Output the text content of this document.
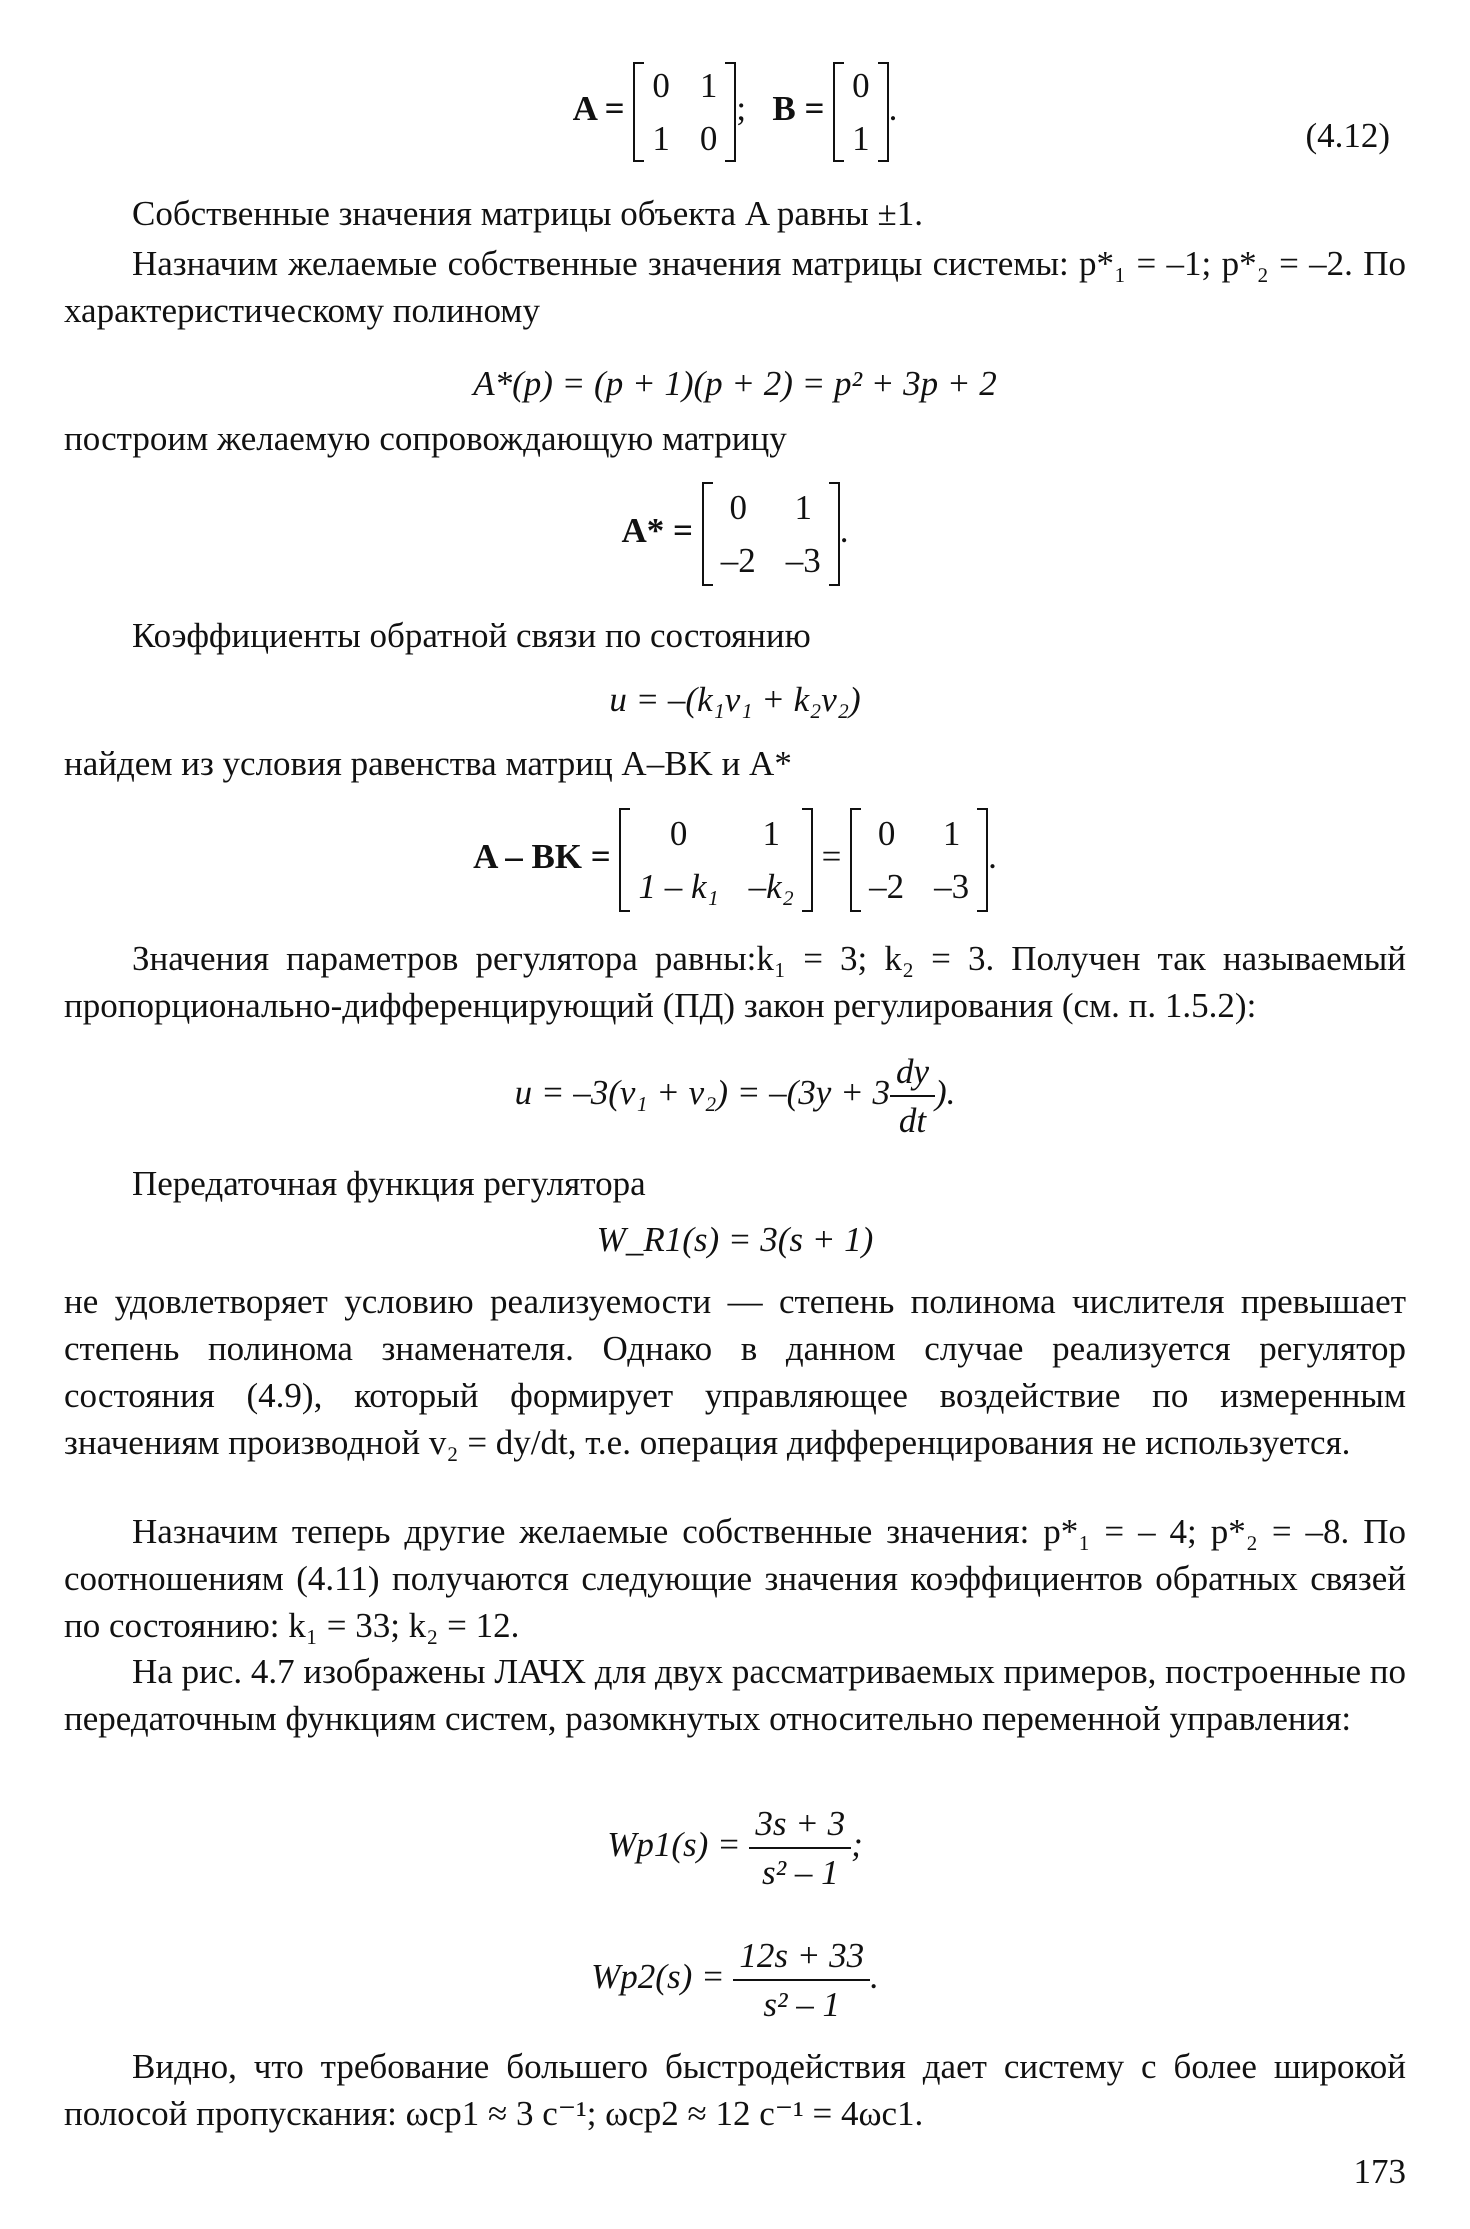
A =
0 1
1 0
; B =
0
1
.
(4.12)
Собственные значения матрицы объекта A равны ±1.
Назначим желаемые собственные значения матрицы системы: p*₁ = –1; p*₂ = –2. По характеристическому полиному
A*(p) = (p + 1)(p + 2) = p² + 3p + 2
построим желаемую сопровождающую матрицу
A* =
0 1
–2 –3
.
Коэффициенты обратной связи по состоянию
u = –(k₁v₁ + k₂v₂)
найдем из условия равенства матриц A–BK и A*
A – BK =
0	1
1 – k₁ –k₂
=
0 1
–2 –3
.
Значения параметров регулятора равны:k₁ = 3; k₂ = 3. Получен так называемый пропорционально-дифференцирующий (ПД) закон регулирования (см. п. 1.5.2):
$u = -3(v_1 + v_2) = -(3y + 3 \frac{dy}{dt}$ ).
Передаточная функция регулятора
W_R1(s) = 3(s + 1)
не удовлетворяет условию реализуемости — степень полинома числителя превышает степень полинома знаменателя. Однако в данном случае реализуется регулятор состояния (4.9), который формирует управляющее воздействие по измеренным значениям производной v₂ = dy/dt, т.е. операция дифференцирования не используется.
Назначим теперь другие желаемые собственные значения: p*₁ = – 4; p*₂ = –8. По соотношениям (4.11) получаются следующие значения коэффициентов обратных связей по состоянию: k₁ = 33; k₂ = 12.
На рис. 4.7 изображены ЛАЧХ для двух рассматриваемых примеров, построенные по передаточным функциям систем, разомкнутых относительно переменной управления:
$Wp1(s) = \frac{3s + 3}{\text{s² – 1}}$ ;
$Wp2(s) = \frac{12s + 33}{\text{s² – 1}}$ .
Видно, что требование большего быстродействия дает систему с более широкой полосой пропускания: ωcp1 ≈ 3 c⁻¹; ωcp2 ≈ 12 c⁻¹ = 4ωc1.
173
